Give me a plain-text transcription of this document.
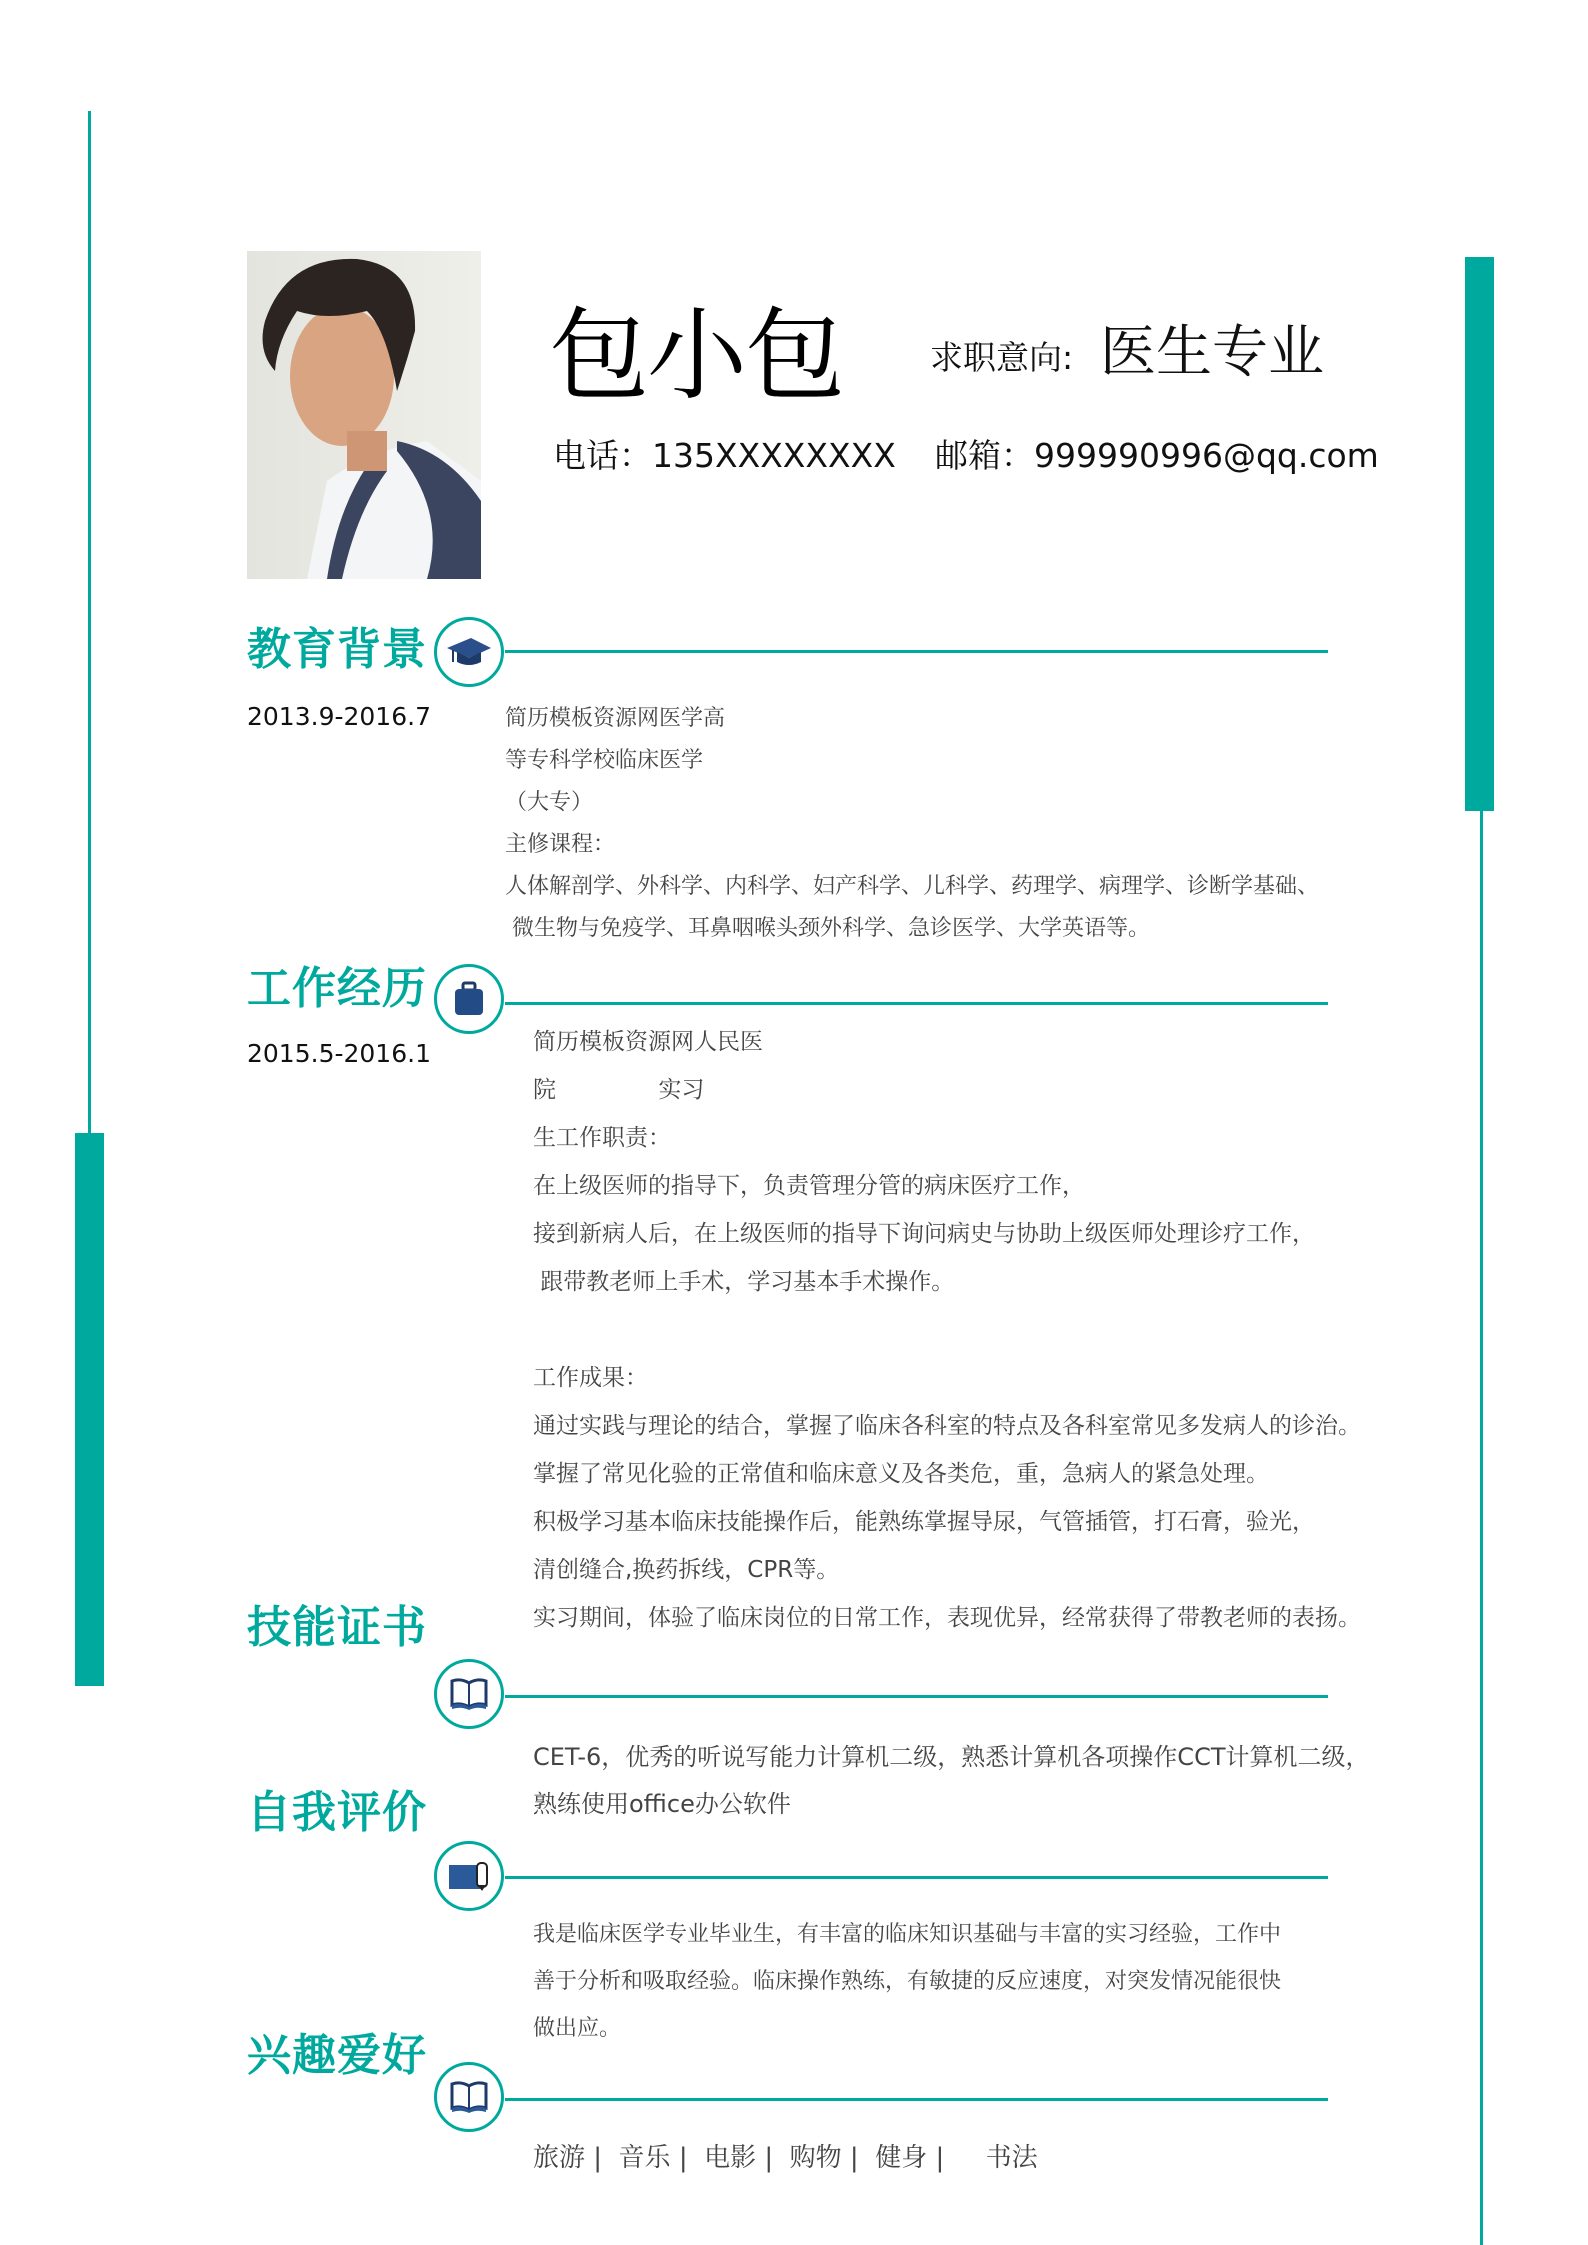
包小包	求职意向: 医生专业
电话：135XXXXXXXX 邮箱：999990996@qq.com
教育背景
2013.9-2016.7	简历模板资源网医学高
等专科学校临床医学
（大专）
主修课程：
人体解剖学、外科学、内科学、妇产科学、儿科学、药理学、病理学、诊断学基础、
微生物与免疫学、耳鼻咽喉头颈外科学、急诊医学、大学英语等。
工作经历
2015.5-2016.1	简历模板资源网人民医
院              实习
生工作职责：
在上级医师的指导下，负责管理分管的病床医疗工作，
接到新病人后，在上级医师的指导下询问病史与协助上级医师处理诊疗工作，
跟带教老师上手术，学习基本手术操作。
工作成果：
通过实践与理论的结合，掌握了临床各科室的特点及各科室常见多发病人的诊治。
掌握了常见化验的正常值和临床意义及各类危，重，急病人的紧急处理。
积极学习基本临床技能操作后，能熟练掌握导尿，气管插管，打石膏，验光，
清创缝合,换药拆线，CPR等。
实习期间，体验了临床岗位的日常工作，表现优异，经常获得了带教老师的表扬。
技能证书
CET-6，优秀的听说写能力计算机二级，熟悉计算机各项操作CCT计算机二级，
熟练使用office办公软件
自我评价
我是临床医学专业毕业生，有丰富的临床知识基础与丰富的实习经验，工作中
善于分析和吸取经验。临床操作熟练，有敏捷的反应速度，对突发情况能很快
做出应。
兴趣爱好
旅游 |  音乐 |  电影 |  购物 |  健身 |     书法
